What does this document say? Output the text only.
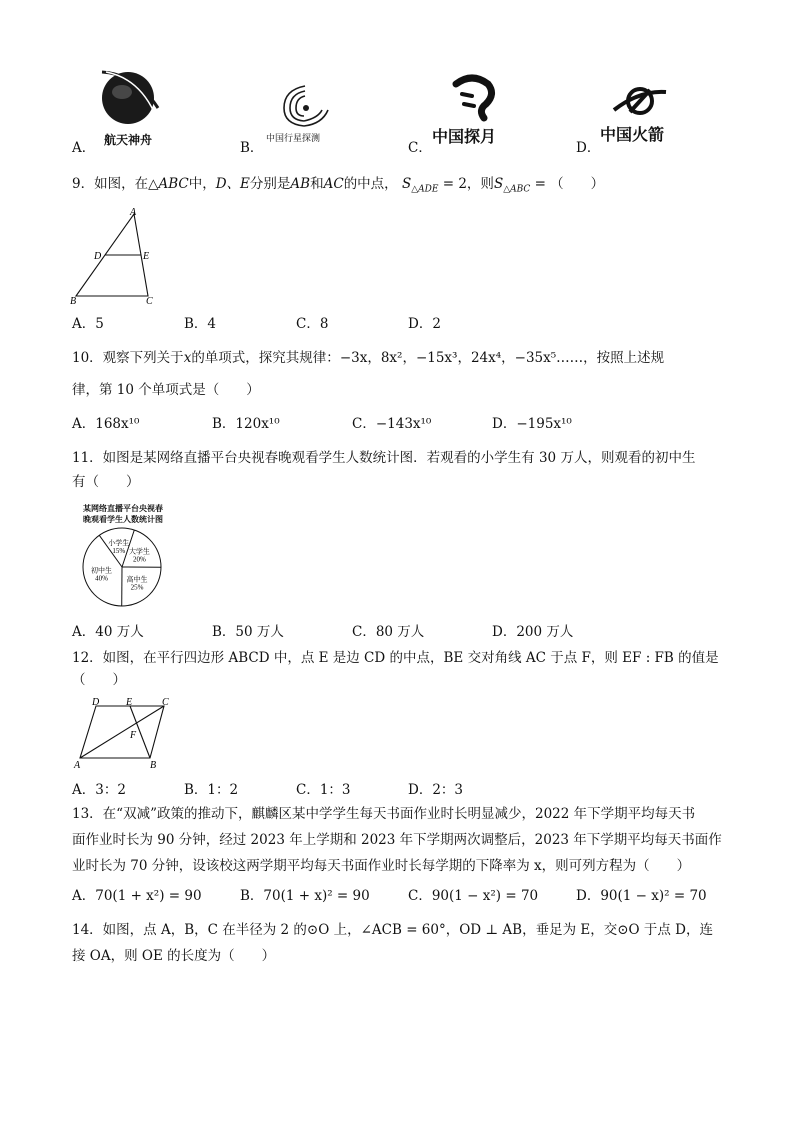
航天神舟
A．
中国行星探测
B．
中国探月
C．
中国火箭
D．
9．如图，在△ABC中，D、E分别是AB和AC的中点， $S_{\triangle ADE} = 2$，则$S_{\triangle ABC}$ = （　　）
A
D	E
B	C
A．5	B．4	C．8	D．2
10．观察下列关于x的单项式，探究其规律：−3x，8x²，−15x³，24x⁴，−35x⁵……，按照上述规
律，第 10 个单项式是（　　）
A．168x¹⁰	B．120x¹⁰	C．−143x¹⁰	D．−195x¹⁰
11．如图是某网络直播平台央视春晚观看学生人数统计图．若观看的小学生有 30 万人，则观看的初中生
有（　　）
某网络直播平台央视春
晚观看学生人数统计图
小学生
15% 大学生
20%
高中生
25%
初中生
40%
A．40 万人	B．50 万人	C．80 万人	D．200 万人
12．如图，在平行四边形 ABCD 中，点 E 是边 CD 的中点，BE 交对角线 AC 于点 F，则 EF : FB 的值是
（　　）
D	E	C
F
A	B
A．3：2	B．1：2	C．1：3	D．2：3
13．在“双减”政策的推动下，麒麟区某中学学生每天书面作业时长明显减少，2022 年下学期平均每天书
面作业时长为 90 分钟，经过 2023 年上学期和 2023 年下学期两次调整后，2023 年下学期平均每天书面作
业时长为 70 分钟，设该校这两学期平均每天书面作业时长每学期的下降率为 x，则可列方程为（　　）
A．70(1 + x²) = 90	B．70(1 + x)² = 90	C．90(1 − x²) = 70	D．90(1 − x)² = 70
14．如图，点 A，B，C 在半径为 2 的⊙O 上，∠ACB = 60°，OD ⊥ AB，垂足为 E，交⊙O 于点 D，连
接 OA，则 OE 的长度为（　　）
